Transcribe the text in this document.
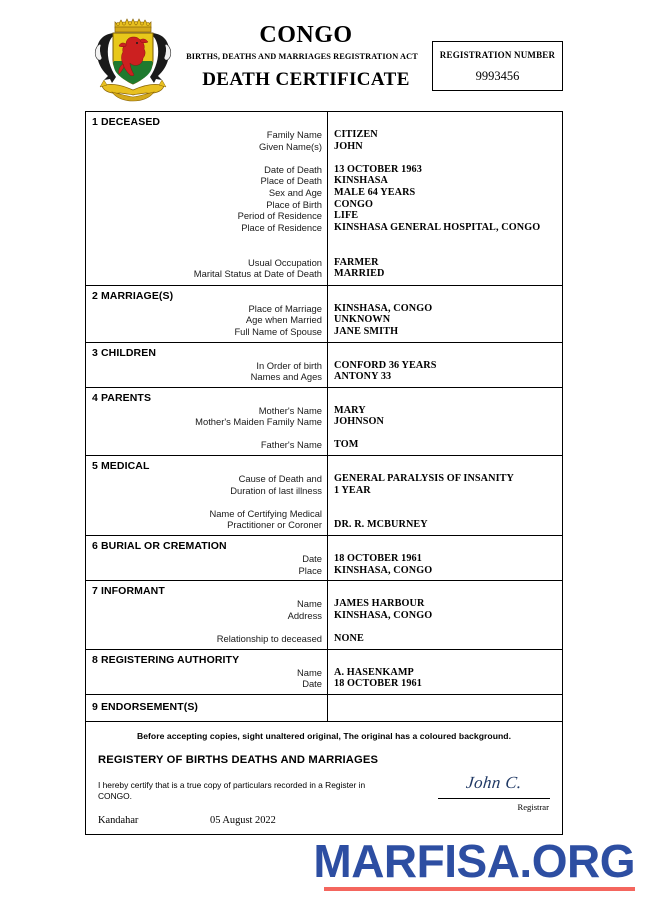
CONGO
BIRTHS, DEATHS AND MARRIAGES REGISTRATION ACT
DEATH CERTIFICATE
REGISTRATION NUMBER
9993456
1 DECEASED
Family Name
Given Name(s)
Date of Death
Place of Death
Sex and Age
Place of Birth
Period of Residence
Place of Residence
Usual Occupation
Marital Status at Date of Death
CITIZEN
JOHN
13 OCTOBER 1963
KINSHASA
MALE 64 YEARS
CONGO
LIFE
KINSHASA GENERAL HOSPITAL, CONGO
FARMER
MARRIED
2 MARRIAGE(S)
Place of Marriage
Age when Married
Full Name of Spouse
KINSHASA, CONGO
UNKNOWN
JANE SMITH
3 CHILDREN
In Order of birth
Names and Ages
CONFORD 36 YEARS
ANTONY 33
4 PARENTS
Mother's Name
Mother's Maiden Family Name
Father's Name
MARY
JOHNSON
TOM
5 MEDICAL
Cause of Death and
Duration of last illness
Name of Certifying Medical
Practitioner or Coroner
GENERAL PARALYSIS OF INSANITY
1 YEAR
DR. R. MCBURNEY
6 BURIAL OR CREMATION
Date
Place
18 OCTOBER 1961
KINSHASA, CONGO
7 INFORMANT
Name
Address
Relationship to deceased
JAMES HARBOUR
KINSHASA, CONGO
NONE
8 REGISTERING AUTHORITY
Name
Date
A. HASENKAMP
18 OCTOBER 1961
9 ENDORSEMENT(S)

Before accepting copies, sight unaltered original, The original has a coloured background.
REGISTERY OF BIRTHS DEATHS AND MARRIAGES
I hereby certify that is a true copy of particulars recorded in a Register in CONGO.
John C.
Registrar
Kandahar	05 August 2022
MARFISA.ORG
